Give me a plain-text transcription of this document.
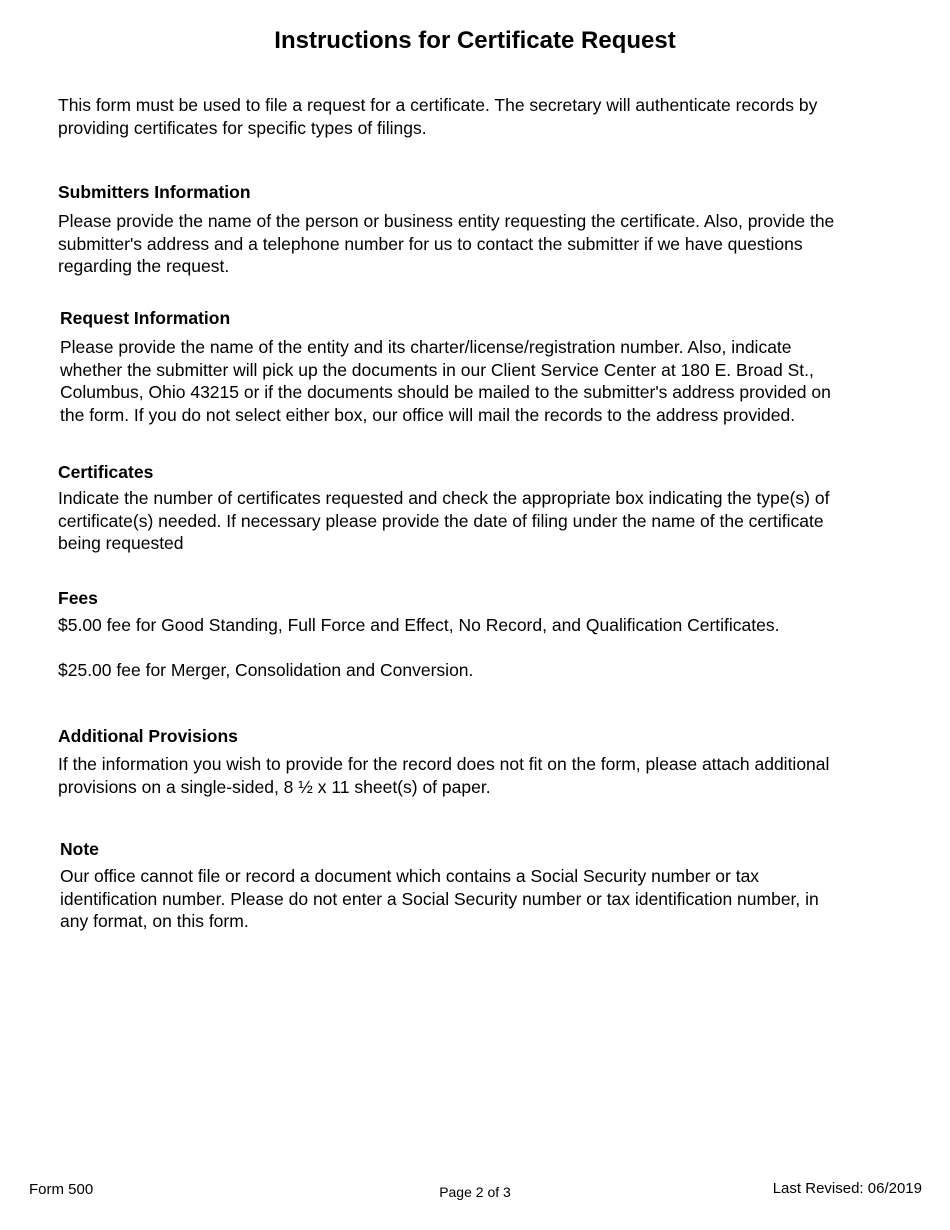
Instructions for Certificate Request

This form must be used to file a request for a certificate. The secretary will authenticate records by
providing certificates for specific types of filings.

Submitters Information

Please provide the name of the person or business entity requesting the certificate. Also, provide the
submitter's address and a telephone number for us to contact the submitter if we have questions
regarding the request.

Request Information

Please provide the name of the entity and its charter/license/registration number. Also, indicate
whether the submitter will pick up the documents in our Client Service Center at 180 E. Broad St.,
Columbus, Ohio 43215 or if the documents should be mailed to the submitter's address provided on
the form. If you do not select either box, our office will mail the records to the address provided.

Certificates

Indicate the number of certificates requested and check the appropriate box indicating the type(s) of
certificate(s) needed. If necessary please provide the date of filing under the name of the certificate
being requested

Fees

$5.00 fee for Good Standing, Full Force and Effect, No Record, and Qualification Certificates.

$25.00 fee for Merger, Consolidation and Conversion.

Additional Provisions

If the information you wish to provide for the record does not fit on the form, please attach additional
provisions on a single-sided, 8 ½ x 11 sheet(s) of paper.

Note

Our office cannot file or record a document which contains a Social Security number or tax
identification number. Please do not enter a Social Security number or tax identification number, in
any format, on this form.

Form 500	Page 2 of 3	Last Revised: 06/2019
